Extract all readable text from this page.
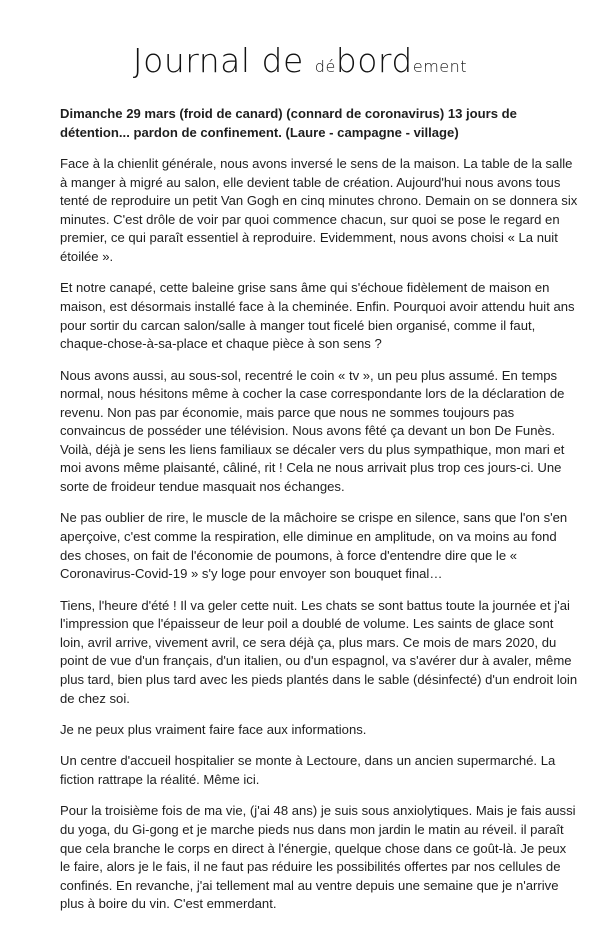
Journal de débordement

Dimanche 29 mars (froid de canard) (connard de coronavirus) 13 jours de détention... pardon de confinement. (Laure - campagne - village)

Face à la chienlit générale, nous avons inversé le sens de la maison. La table de la salle à manger à migré au salon, elle devient table de création. Aujourd'hui nous avons tous tenté de reproduire un petit Van Gogh en cinq minutes chrono. Demain on se donnera six minutes. C'est drôle de voir par quoi commence chacun, sur quoi se pose le regard en premier, ce qui paraît essentiel à reproduire. Evidemment, nous avons choisi « La nuit étoilée ».

Et notre canapé, cette baleine grise sans âme qui s'échoue fidèlement de maison en maison, est désormais installé face à la cheminée. Enfin. Pourquoi avoir attendu huit ans pour sortir du carcan salon/salle à manger tout ficelé bien organisé, comme il faut, chaque-chose-à-sa-place et chaque pièce à son sens ?

Nous avons aussi, au sous-sol, recentré le coin « tv », un peu plus assumé. En temps normal, nous hésitons même à cocher la case correspondante lors de la déclaration de revenu. Non pas par économie, mais parce que nous ne sommes toujours pas convaincus de posséder une télévision. Nous avons fêté ça devant un bon De Funès. Voilà, déjà je sens les liens familiaux se décaler vers du plus sympathique, mon mari et moi avons même plaisanté, câliné, rit ! Cela ne nous arrivait plus trop ces jours-ci. Une sorte de froideur tendue masquait nos échanges.

Ne pas oublier de rire, le muscle de la mâchoire se crispe en silence, sans que l'on s'en aperçoive, c'est comme la respiration, elle diminue en amplitude, on va moins au fond des choses, on fait de l'économie de poumons, à force d'entendre dire que le « Coronavirus-Covid-19 » s'y loge pour envoyer son bouquet final…

Tiens, l'heure d'été ! Il va geler cette nuit. Les chats se sont battus toute la journée et j'ai l'impression que l'épaisseur de leur poil a doublé de volume. Les saints de glace sont loin, avril arrive, vivement avril, ce sera déjà ça, plus mars. Ce mois de mars 2020, du point de vue d'un français, d'un italien, ou d'un espagnol, va s'avérer dur à avaler, même plus tard, bien plus tard avec les pieds plantés dans le sable (désinfecté) d'un endroit loin de chez soi.

Je ne peux plus vraiment faire face aux informations.

Un centre d'accueil hospitalier se monte à Lectoure, dans un ancien supermarché. La fiction rattrape la réalité. Même ici.

Pour la troisième fois de ma vie, (j'ai 48 ans) je suis sous anxiolytiques. Mais je fais aussi du yoga, du Gi-gong et je marche pieds nus dans mon jardin le matin au réveil. il paraît que cela branche le corps en direct à l'énergie, quelque chose dans ce goût-là. Je peux le faire, alors je le fais, il ne faut pas réduire les possibilités offertes par nos cellules de confinés. En revanche, j'ai tellement mal au ventre depuis une semaine que je n'arrive plus à boire du vin. C'est emmerdant.
